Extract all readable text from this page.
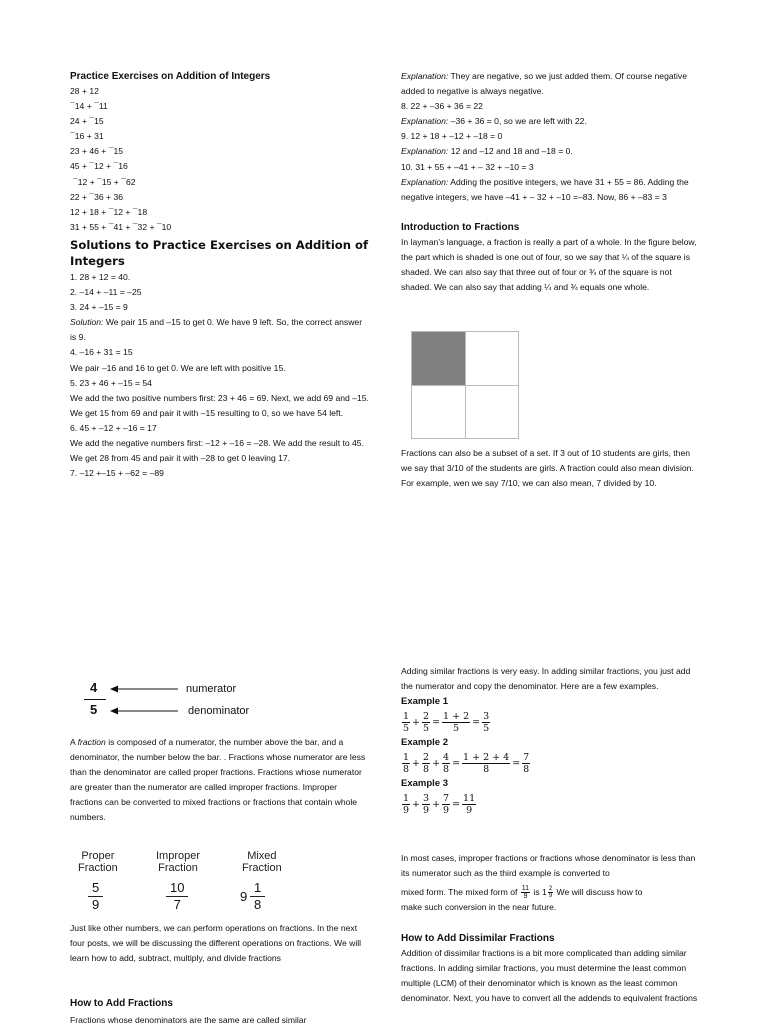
Practice Exercises on Addition of Integers
28 + 12
¯14 + ¯11
24 + ¯15
¯16 + 31
23 + 46 + ¯15
45 + ¯12 + ¯16
¯12 + ¯15 + ¯62
22 + ¯36 + 36
12 + 18 + ¯12 + ¯18
31 + 55 + ¯41 + ¯32 + ¯10
Solutions to Practice Exercises on Addition of Integers
1. 28 + 12 = 40.
2. –14 + –11 = –25
3. 24 + –15 = 9
Solution: We pair 15 and –15 to get 0. We have 9 left. So, the correct answer is 9.
4. –16 + 31 = 15
We pair –16 and 16 to get 0. We are left with positive 15.
5. 23 + 46 + –15 = 54
We add the two positive numbers first: 23 + 46 = 69. Next, we add 69 and –15. We get 15 from 69 and pair it with –15 resulting to 0, so we have 54 left.
6. 45 + –12 + –16 = 17
We add the negative numbers first: –12 + –16 = –28. We add the result to 45. We get 28 from 45 and pair it with –28 to get 0 leaving 17.
7. –12 +–15 + –62 = –89
Explanation: They are negative, so we just added them. Of course negative added to negative is always negative.
8. 22 + –36 + 36 = 22
Explanation: –36 + 36 = 0, so we are left with 22.
9. 12 + 18 + –12 + –18 = 0
Explanation: 12 and –12 and 18 and –18 = 0.
10. 31 + 55 + –41 + – 32 + –10 = 3
Explanation: Adding the positive integers, we have 31 + 55 = 86. Adding the negative integers, we have –41 + – 32 + –10 =–83. Now, 86 + –83 = 3
Introduction to Fractions
In layman’s language, a fraction is really a part of a whole. In the figure below, the part which is shaded is one out of four, so we say that ¼ of the square is shaded. We can also say that three out of four or ¾ of the square is not shaded. We can also say that adding ¼ and ¾ equals one whole.
Fractions can also be a subset of a set. If 3 out of 10 students are girls, then we say that 3/10 of the students are girls. A fraction could also mean division. For example, wen we say 7/10, we can also mean, 7 divided by 10.
4
5
numerator
denominator
A fraction is composed of a numerator, the number above the bar, and a denominator, the number below the bar. . Fractions whose numerator are less than the denominator are called proper fractions. Fractions whose numerator are greater than the numerator are called improper fractions. Improper fractions can be converted to mixed fractions or fractions that contain whole numbers.
Proper
Fraction
Improper
Fraction
Mixed
Fraction
$\frac{5}{9}$	$\frac{10}{7}$	$9 \frac{1}{8}$
Just like other numbers, we can perform operations on fractions. In the next four posts, we will be discussing the different operations on fractions. We will learn how to add, subtract, multiply, and divide fractions
How to Add Fractions
Fractions whose denominators are the same are called similar
Adding similar fractions is very easy. In adding similar fractions, you just add the numerator and copy the denominator. Here are a few examples.
Example 1
$\frac{1}{5} + \frac{2}{5} = \frac{1 + 2}{5} = \frac{3}{5}$
Example 2
$\frac{1}{8} + \frac{2}{8} + \frac{4}{8} = \frac{1 + 2 + 4}{8} = \frac{7}{8}$
Example 3
$\frac{1}{9} + \frac{3}{9} + \frac{7}{9} = \frac{11}{9}$
In most cases, improper fractions or fractions whose denominator is less than its numerator such as the third example is converted to
mixed form. The mixed form of $\frac{11}{9}$ is $1 \frac{2}{9}$ We will discuss how to
make such conversion in the near future.
How to Add Dissimilar Fractions
Addition of dissimilar fractions is a bit more complicated than adding similar fractions. In adding similar fractions, you must determine the least common multiple (LCM) of their denominator which is known as the least common denominator. Next, you have to convert all the addends to equivalent fractions
